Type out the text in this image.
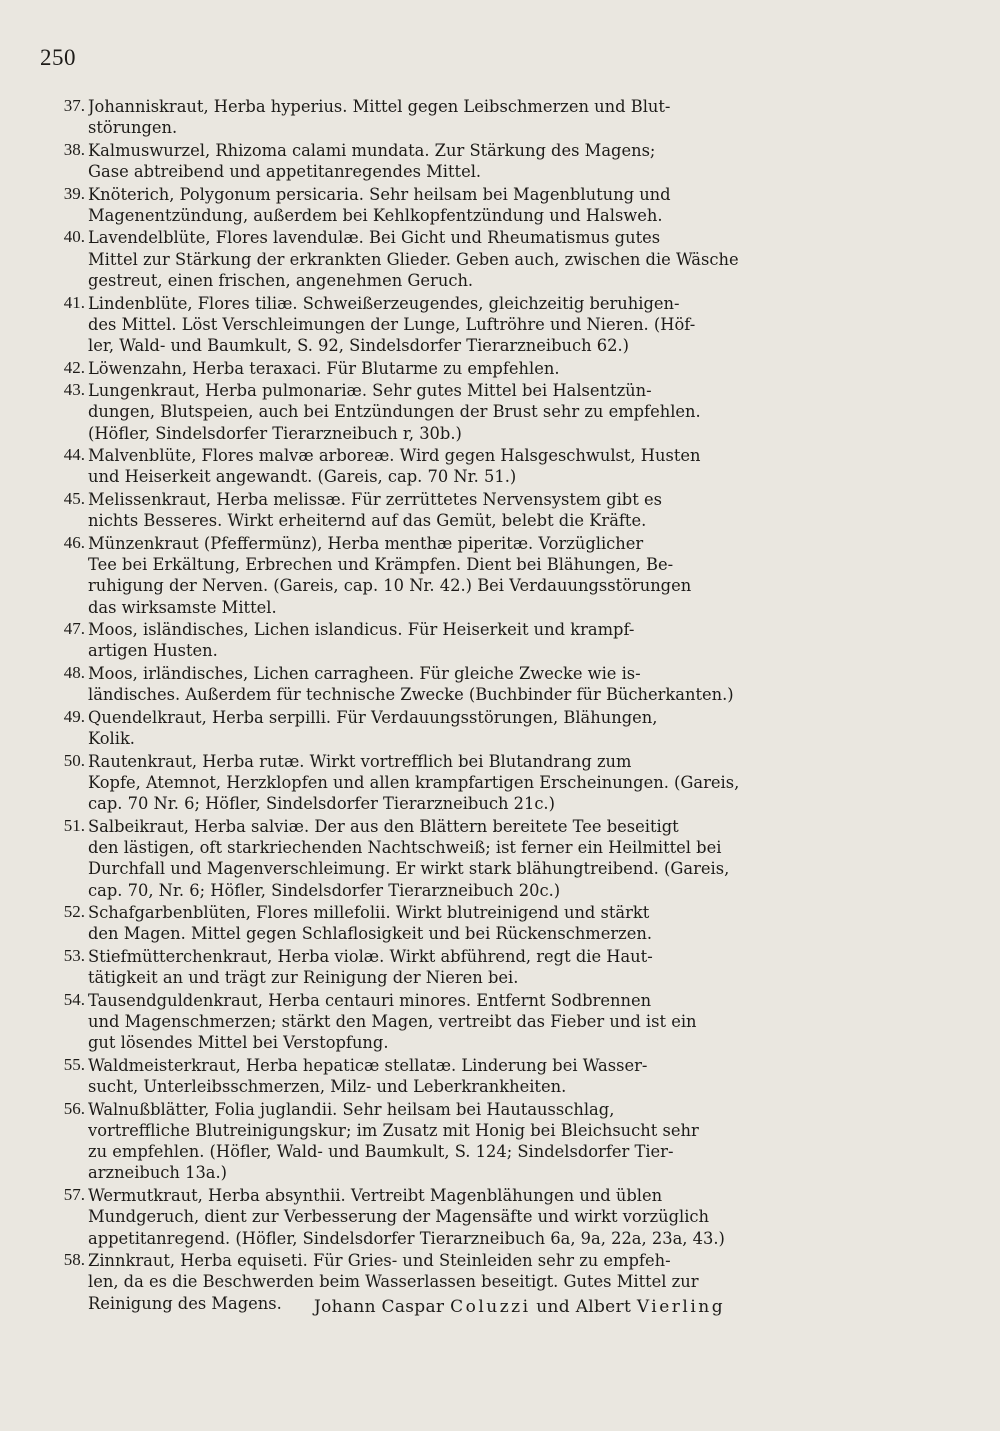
250
37. Johanniskraut, Herba hyperius. Mittel gegen Leibschmerzen und Blut-
störungen.
38. Kalmuswurzel, Rhizoma calami mundata. Zur Stärkung des Magens;
Gase abtreibend und appetitanregendes Mittel.
39. Knöterich, Polygonum persicaria. Sehr heilsam bei Magenblutung und
Magenentzündung, außerdem bei Kehlkopfentzündung und Halsweh.
40. Lavendelblüte, Flores lavendulæ. Bei Gicht und Rheumatismus gutes
Mittel zur Stärkung der erkrankten Glieder. Geben auch, zwischen die Wäsche
gestreut, einen frischen, angenehmen Geruch.
41. Lindenblüte, Flores tiliæ. Schweißerzeugendes, gleichzeitig beruhigen-
des Mittel. Löst Verschleimungen der Lunge, Luftröhre und Nieren. (Höf-
ler, Wald- und Baumkult, S. 92, Sindelsdorfer Tierarzneibuch 62.)
42. Löwenzahn, Herba teraxaci. Für Blutarme zu empfehlen.
43. Lungenkraut, Herba pulmonariæ. Sehr gutes Mittel bei Halsentzün-
dungen, Blutspeien, auch bei Entzündungen der Brust sehr zu empfehlen.
(Höfler, Sindelsdorfer Tierarzneibuch r, 30b.)
44. Malvenblüte, Flores malvæ arboreæ. Wird gegen Halsgeschwulst, Husten
und Heiserkeit angewandt. (Gareis, cap. 70 Nr. 51.)
45. Melissenkraut, Herba melissæ. Für zerrüttetes Nervensystem gibt es
nichts Besseres. Wirkt erheiternd auf das Gemüt, belebt die Kräfte.
46. Münzenkraut (Pfeffermünz), Herba menthæ piperitæ. Vorzüglicher
Tee bei Erkältung, Erbrechen und Krämpfen. Dient bei Blähungen, Be-
ruhigung der Nerven. (Gareis, cap. 10 Nr. 42.) Bei Verdauungsstörungen
das wirksamste Mittel.
47. Moos, isländisches, Lichen islandicus. Für Heiserkeit und krampf-
artigen Husten.
48. Moos, irländisches, Lichen carragheen. Für gleiche Zwecke wie is-
ländisches. Außerdem für technische Zwecke (Buchbinder für Bücherkanten.)
49. Quendelkraut, Herba serpilli. Für Verdauungsstörungen, Blähungen,
Kolik.
50. Rautenkraut, Herba rutæ. Wirkt vortrefflich bei Blutandrang zum
Kopfe, Atemnot, Herzklopfen und allen krampfartigen Erscheinungen. (Gareis,
cap. 70 Nr. 6; Höfler, Sindelsdorfer Tierarzneibuch 21c.)
51. Salbeikraut, Herba salviæ. Der aus den Blättern bereitete Tee beseitigt
den lästigen, oft starkriechenden Nachtschweiß; ist ferner ein Heilmittel bei
Durchfall und Magenverschleimung. Er wirkt stark blähungtreibend. (Gareis,
cap. 70, Nr. 6; Höfler, Sindelsdorfer Tierarzneibuch 20c.)
52. Schafgarbenblüten, Flores millefolii. Wirkt blutreinigend und stärkt
den Magen. Mittel gegen Schlaflosigkeit und bei Rückenschmerzen.
53. Stiefmütterchenkraut, Herba violæ. Wirkt abführend, regt die Haut-
tätigkeit an und trägt zur Reinigung der Nieren bei.
54. Tausendguldenkraut, Herba centauri minores. Entfernt Sodbrennen
und Magenschmerzen; stärkt den Magen, vertreibt das Fieber und ist ein
gut lösendes Mittel bei Verstopfung.
55. Waldmeisterkraut, Herba hepaticæ stellatæ. Linderung bei Wasser-
sucht, Unterleibsschmerzen, Milz- und Leberkrankheiten.
56. Walnußblätter, Folia juglandii. Sehr heilsam bei Hautausschlag,
vortreffliche Blutreinigungskur; im Zusatz mit Honig bei Bleichsucht sehr
zu empfehlen. (Höfler, Wald- und Baumkult, S. 124; Sindelsdorfer Tier-
arzneibuch 13a.)
57. Wermutkraut, Herba absynthii. Vertreibt Magenblähungen und üblen
Mundgeruch, dient zur Verbesserung der Magensäfte und wirkt vorzüglich
appetitanregend. (Höfler, Sindelsdorfer Tierarzneibuch 6a, 9a, 22a, 23a, 43.)
58. Zinnkraut, Herba equiseti. Für Gries- und Steinleiden sehr zu empfeh-
len, da es die Beschwerden beim Wasserlassen beseitigt. Gutes Mittel zur
Reinigung des Magens.	Johann Caspar Coluzzi und Albert Vierling
